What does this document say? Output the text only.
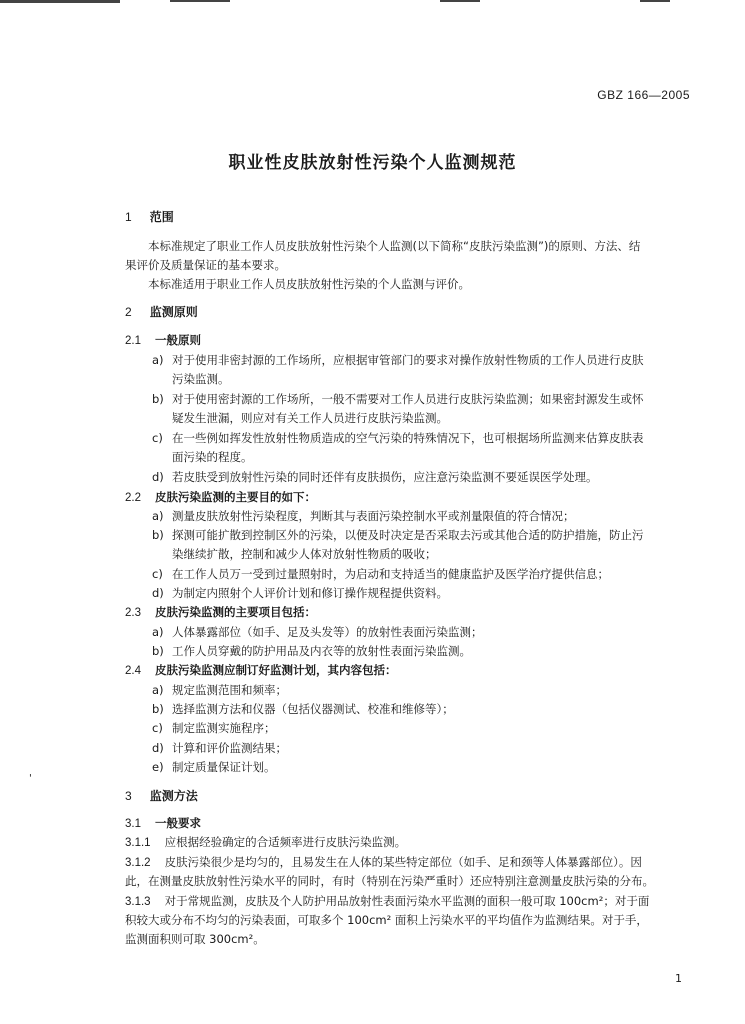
GBZ 166—2005
职业性皮肤放射性污染个人监测规范
1 范围
本标准规定了职业工作人员皮肤放射性污染个人监测(以下简称“皮肤污染监测”)的原则、方法、结
果评价及质量保证的基本要求。
本标准适用于职业工作人员皮肤放射性污染的个人监测与评价。
2 监测原则
2.1 一般原则
a) 对于使用非密封源的工作场所，应根据审管部门的要求对操作放射性物质的工作人员进行皮肤
污染监测。
b) 对于使用密封源的工作场所，一般不需要对工作人员进行皮肤污染监测；如果密封源发生或怀
疑发生泄漏，则应对有关工作人员进行皮肤污染监测。
c) 在一些例如挥发性放射性物质造成的空气污染的特殊情况下，也可根据场所监测来估算皮肤表
面污染的程度。
d) 若皮肤受到放射性污染的同时还伴有皮肤损伤，应注意污染监测不要延误医学处理。
2.2 皮肤污染监测的主要目的如下：
a) 测量皮肤放射性污染程度，判断其与表面污染控制水平或剂量限值的符合情况；
b) 探测可能扩散到控制区外的污染，以便及时决定是否采取去污或其他合适的防护措施，防止污
染继续扩散，控制和减少人体对放射性物质的吸收；
c) 在工作人员万一受到过量照射时，为启动和支持适当的健康监护及医学治疗提供信息；
d) 为制定内照射个人评价计划和修订操作规程提供资料。
2.3 皮肤污染监测的主要项目包括：
a) 人体暴露部位（如手、足及头发等）的放射性表面污染监测；
b) 工作人员穿戴的防护用品及内衣等的放射性表面污染监测。
2.4 皮肤污染监测应制订好监测计划，其内容包括：
a) 规定监测范围和频率；
b) 选择监测方法和仪器（包括仪器测试、校准和维修等）；
c) 制定监测实施程序；
d) 计算和评价监测结果；
e) 制定质量保证计划。
3 监测方法
3.1 一般要求
3.1.1 应根据经验确定的合适频率进行皮肤污染监测。
3.1.2 皮肤污染很少是均匀的，且易发生在人体的某些特定部位（如手、足和颈等人体暴露部位）。因
此，在测量皮肤放射性污染水平的同时，有时（特别在污染严重时）还应特别注意测量皮肤污染的分布。
3.1.3 对于常规监测，皮肤及个人防护用品放射性表面污染水平监测的面积一般可取 100cm²；对于面
积较大或分布不均匀的污染表面，可取多个 100cm² 面积上污染水平的平均值作为监测结果。对于手，
监测面积则可取 300cm²。
'
1
